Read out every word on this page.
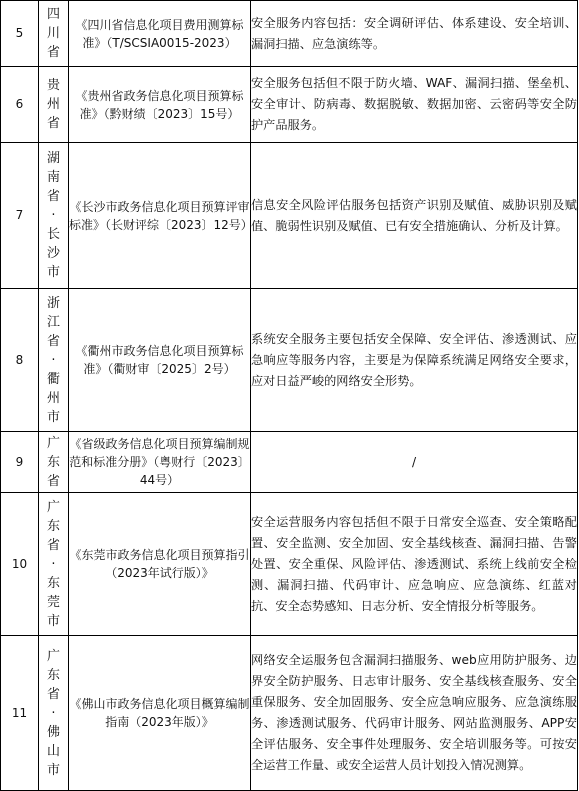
5	四川省	《四川省信息化项目费用测算标准》（T/SCSIA0015-2023）	安全服务内容包括：安全调研评估、体系建设、安全培训、漏洞扫描、应急演练等。

6	贵州省	《贵州省政务信息化项目预算标准》（黔财绩〔2023〕15号）	安全服务包括但不限于防火墙、WAF、漏洞扫描、堡垒机、安全审计、防病毒、数据脱敏、数据加密、云密码等安全防护产品服务。

7	湖南省·长沙市	《长沙市政务信息化项目预算评审标准》（长财评综〔2023〕12号）	信息安全风险评估服务包括资产识别及赋值、威胁识别及赋值、脆弱性识别及赋值、已有安全措施确认、分析及计算。

8	浙江省·衢州市	《衢州市政务信息化项目预算标准》（衢财审〔2025〕2号）	系统安全服务主要包括安全保障、安全评估、渗透测试、应急响应等服务内容，主要是为保障系统满足网络安全要求，应对日益严峻的网络安全形势。

9	广东省	《省级政务信息化项目预算编制规范和标准分册》（粤财行〔2023〕44号）	/

10	广东省·东莞市	《东莞市政务信息化项目预算指引（2023年试行版）》	安全运营服务内容包括但不限于日常安全巡查、安全策略配置、安全监测、安全加固、安全基线核查、漏洞扫描、告警处置、安全重保、风险评估、渗透测试、系统上线前安全检测、漏洞扫描、代码审计、应急响应、应急演练、红蓝对抗、安全态势感知、日志分析、安全情报分析等服务。

11	广东省·佛山市	《佛山市政务信息化项目概算编制指南（2023年版）》	网络安全运服务包含漏洞扫描服务、web应用防护服务、边界安全防护服务、日志审计服务、安全基线核查服务、安全重保服务、安全加固服务、安全应急响应服务、应急演练服务、渗透测试服务、代码审计服务、网站监测服务、APP安全评估服务、安全事件处理服务、安全培训服务等。可按安全运营工作量、或安全运营人员计划投入情况测算。
